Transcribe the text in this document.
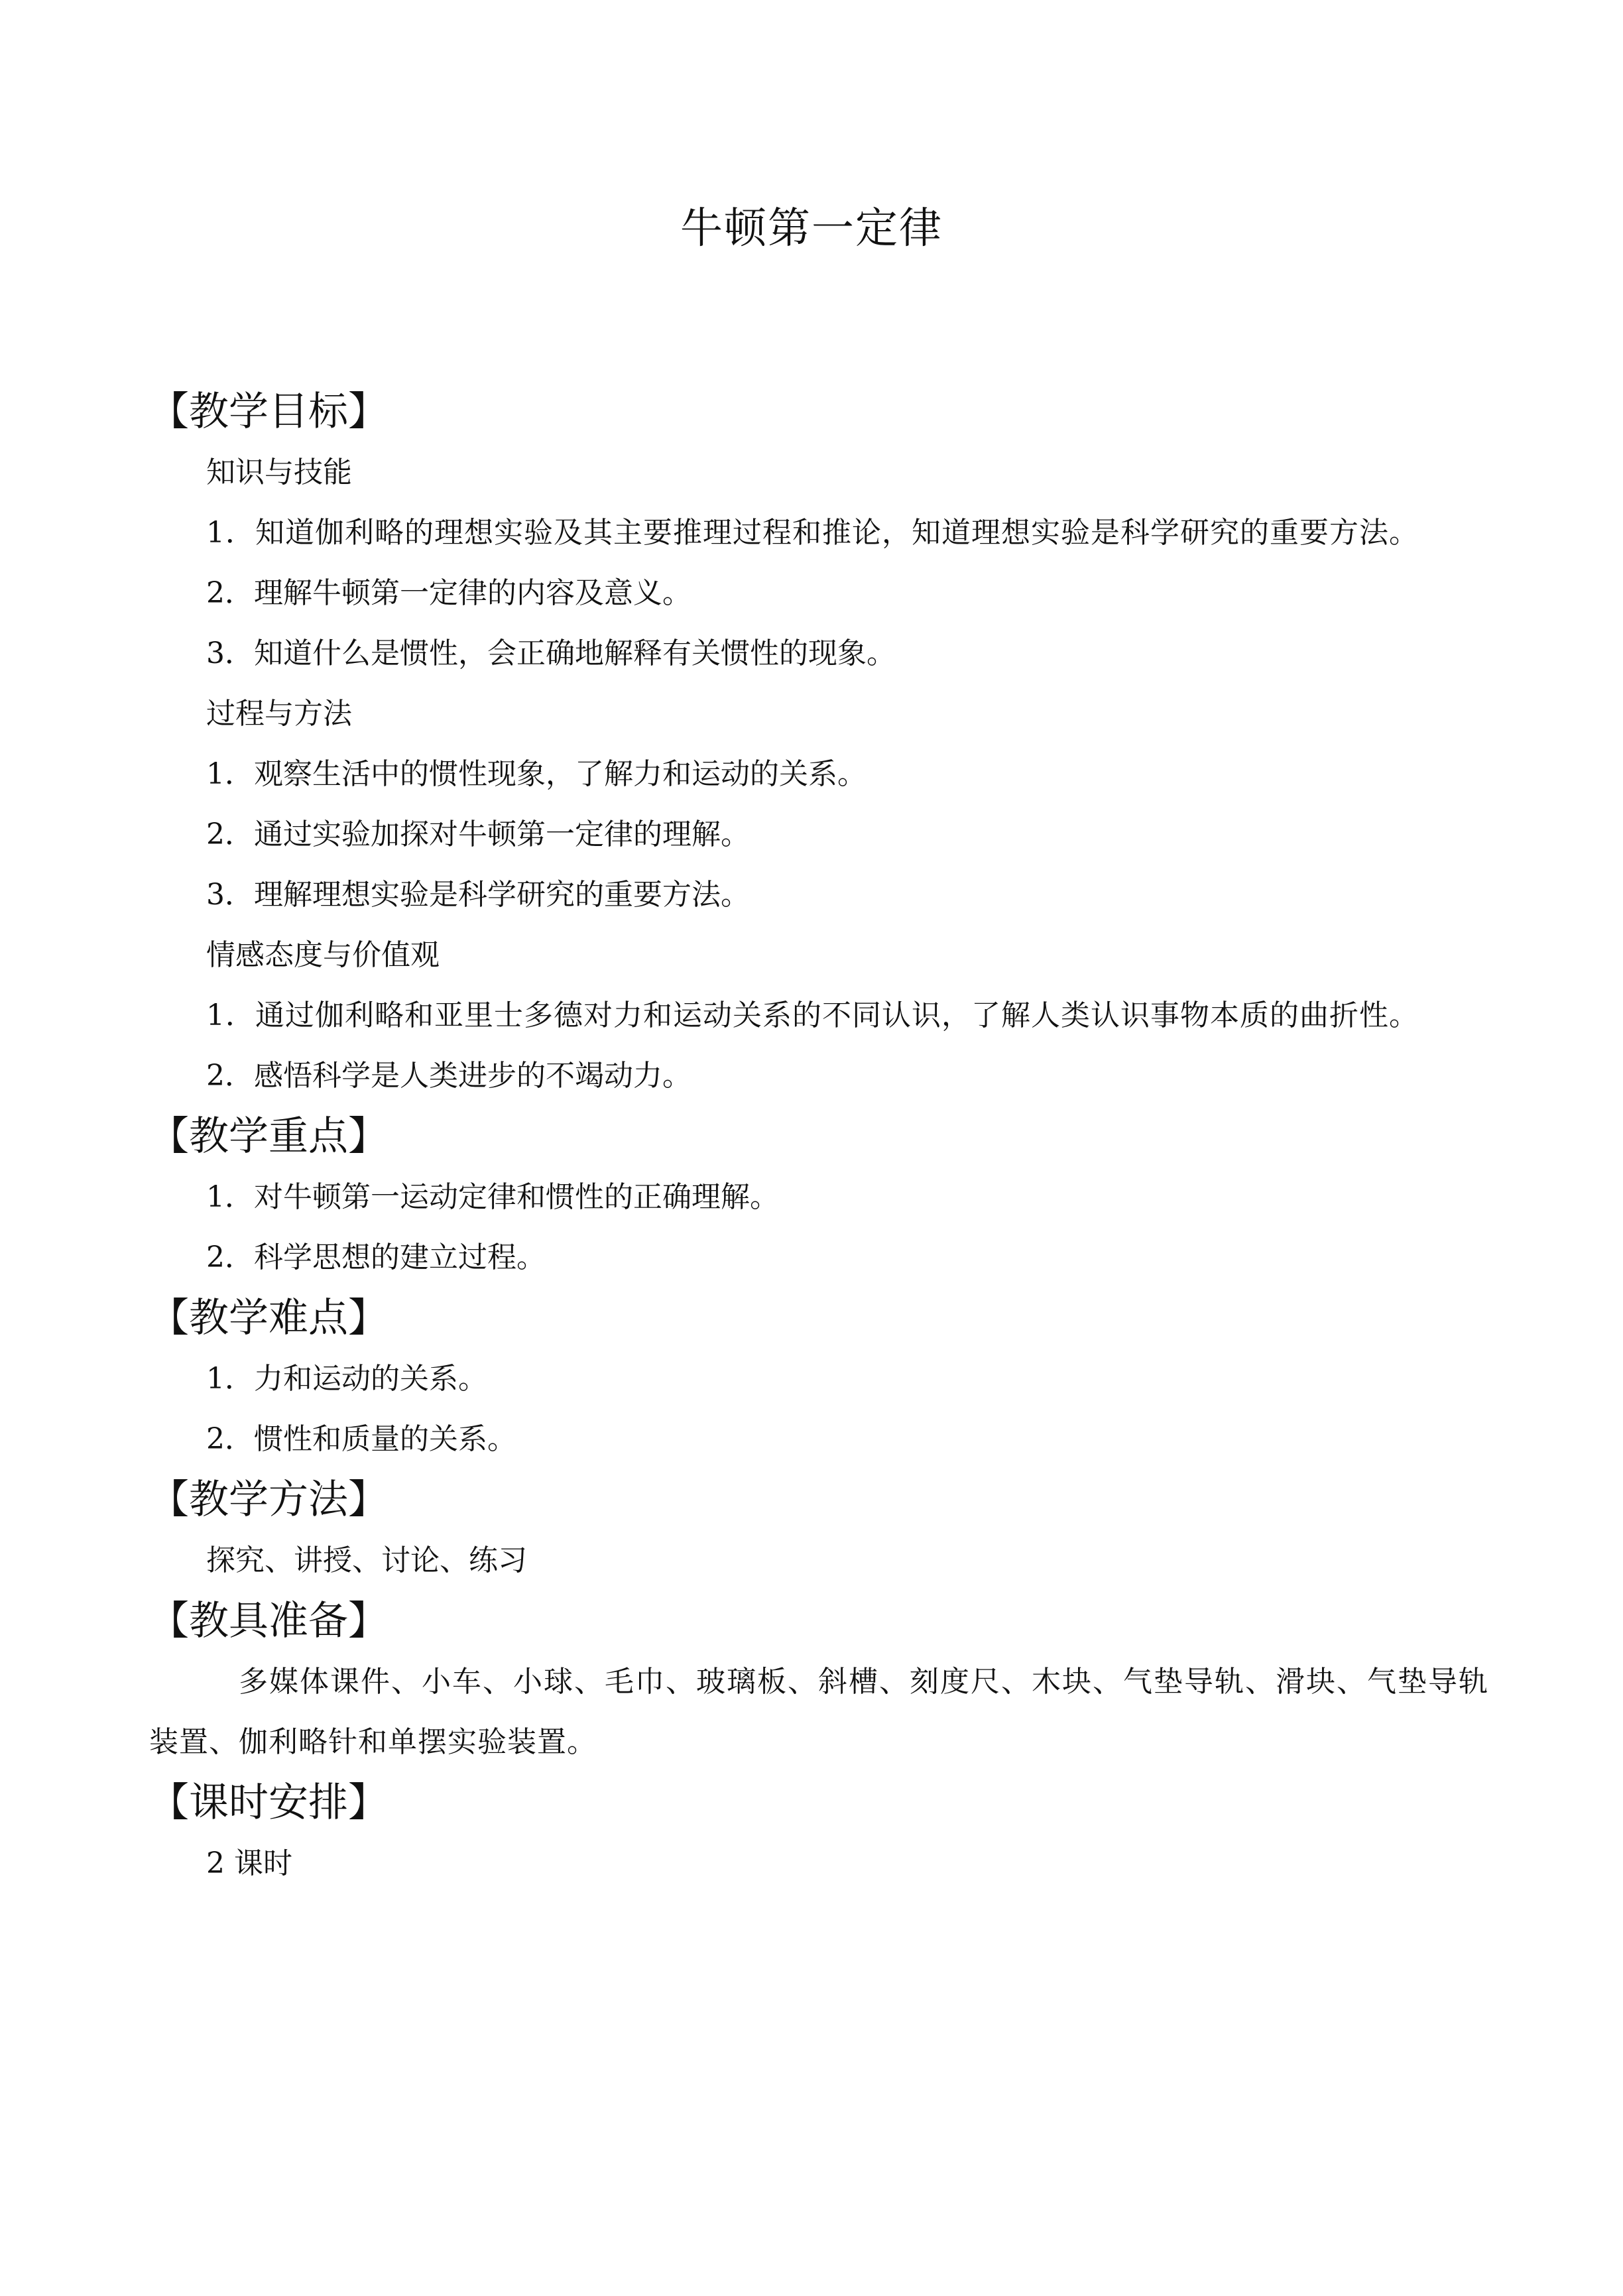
牛顿第一定律
【教学目标】
知识与技能
1．知道伽利略的理想实验及其主要推理过程和推论，知道理想实验是科学研究的重要方法。
2．理解牛顿第一定律的内容及意义。
3．知道什么是惯性，会正确地解释有关惯性的现象。
过程与方法
1．观察生活中的惯性现象，了解力和运动的关系。
2．通过实验加探对牛顿第一定律的理解。
3．理解理想实验是科学研究的重要方法。
情感态度与价值观
1．通过伽利略和亚里士多德对力和运动关系的不同认识，了解人类认识事物本质的曲折性。
2．感悟科学是人类进步的不竭动力。
【教学重点】
1．对牛顿第一运动定律和惯性的正确理解。
2．科学思想的建立过程。
【教学难点】
1．力和运动的关系。
2．惯性和质量的关系。
【教学方法】
探究、讲授、讨论、练习
【教具准备】
多媒体课件、小车、小球、毛巾、玻璃板、斜槽、刻度尺、木块、气垫导轨、滑块、气垫导轨装置、伽利略针和单摆实验装置。
【课时安排】
2 课时
